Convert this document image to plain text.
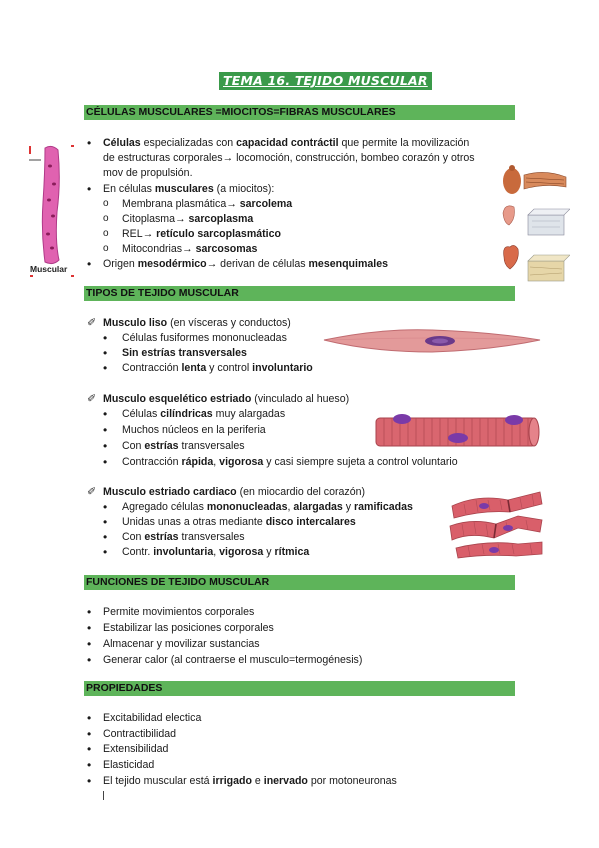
TEMA 16. TEJIDO MUSCULAR
CÉLULAS MUSCULARES =MIOCITOS=FIBRAS MUSCULARES
Muscular
• Células especializadas con capacidad contráctil que permite la movilización
de estructuras corporales→ locomoción, construcción, bombeo corazón y otros
mov de propulsión.
• En células musculares (a miocitos):
o Membrana plasmática→ sarcolema
o Citoplasma→ sarcoplasma
o REL→ retículo sarcoplasmático
o Mitocondrias→ sarcosomas
• Origen mesodérmico→ derivan de células mesenquimales
TIPOS DE TEJIDO MUSCULAR
✐ Musculo liso (en vísceras y conductos)
• Células fusiformes mononucleadas
• Sin estrías transversales
• Contracción lenta y control involuntario
✐ Musculo esquelético estriado (vinculado al hueso)
• Células cilíndricas muy alargadas
• Muchos núcleos en la periferia
• Con estrías transversales
• Contracción rápida, vigorosa y casi siempre sujeta a control voluntario
✐ Musculo estriado cardiaco (en miocardio del corazón)
• Agregado células mononucleadas, alargadas y ramificadas
• Unidas unas a otras mediante disco intercalares
• Con estrías transversales
• Contr. involuntaria, vigorosa y rítmica
FUNCIONES DE TEJIDO MUSCULAR
• Permite movimientos corporales
• Estabilizar las posiciones corporales
• Almacenar y movilizar sustancias
• Generar calor (al contraerse el musculo=termogénesis)
PROPIEDADES
• Excitabilidad electica
• Contractibilidad
• Extensibilidad
• Elasticidad
• El tejido muscular está irrigado e inervado por motoneuronas
